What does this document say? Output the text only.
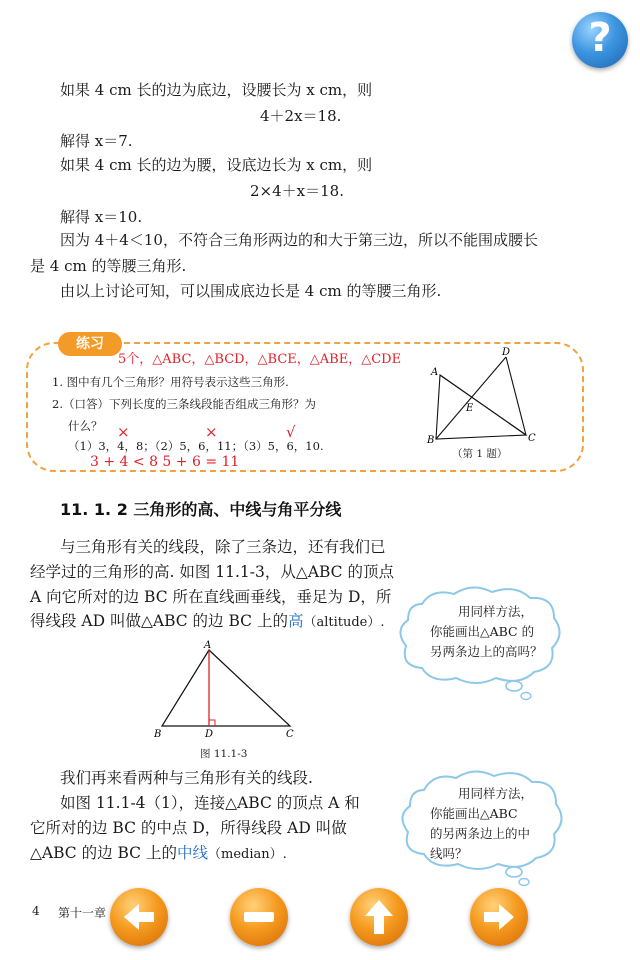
?
如果 4 cm 长的边为底边，设腰长为 x cm，则
4＋2x＝18.
解得 x＝7.
如果 4 cm 长的边为腰，设底边长为 x cm，则
2×4＋x＝18.
解得 x＝10.
因为 4＋4＜10，不符合三角形两边的和大于第三边，所以不能围成腰长
是 4 cm 的等腰三角形.
由以上讨论可知，可以围成底边长是 4 cm 的等腰三角形.
练习
5个，△ABC，△BCD，△BCE，△ABE，△CDE
1. 图中有几个三角形？用符号表示这些三角形.
2.（口答）下列长度的三条线段能否组成三角形？为
什么？ ×	×	√
（1）3，4，8；（2）5，6，11；（3）5，6，10.
3 + 4 < 8 5 + 6 = 11
A
B	C
D
E
（第 1 题）
11. 1. 2 三角形的高、中线与角平分线
与三角形有关的线段，除了三条边，还有我们已
经学过的三角形的高. 如图 11.1-3，从△ABC 的顶点
A 向它所对的边 BC 所在直线画垂线，垂足为 D，所
得线段 AD 叫做△ABC 的边 BC 上的高（altitude）.
A
B	C
D
图 11.1-3
我们再来看两种与三角形有关的线段.
如图 11.1-4（1），连接△ABC 的顶点 A 和
它所对的边 BC 的中点 D，所得线段 AD 叫做
△ABC 的边 BC 上的中线（median）.
用同样方法，
你能画出△ABC 的
另两条边上的高吗？
用同样方法，
你能画出△ABC
的另两条边上的中
线吗？
4 第十一章
